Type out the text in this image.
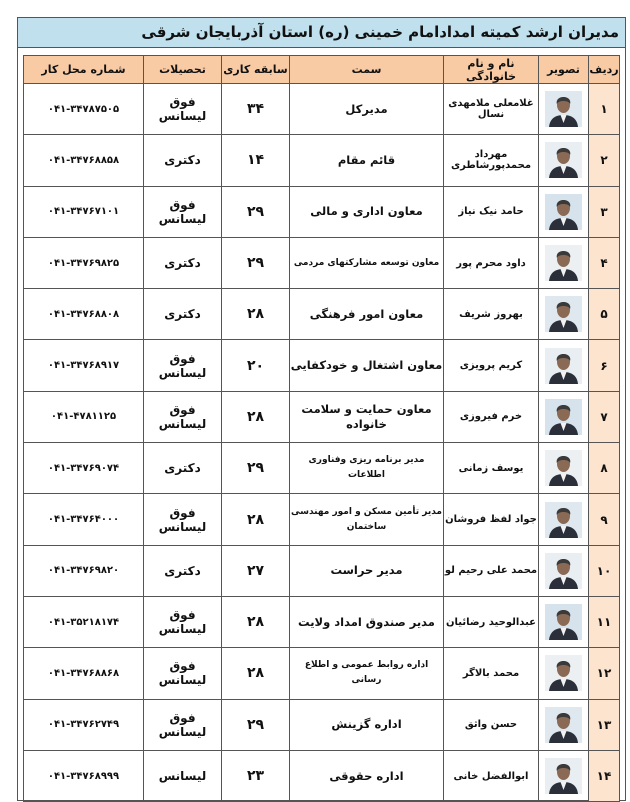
مدیران ارشد کمیته امدادامام خمینی (ره) استان آذربایجان شرقی
ردیف	تصویر	نام و نام خانوادگی	سمت	سابقه کاری	تحصیلات	شماره محل کار
۱		غلامعلی ملامهدی نسال	مدیرکل	۳۴	فوق لیسانس	۰۴۱-۳۴۷۸۷۵۰۵
۲		مهرداد محمدپورشاطری	قائم مقام	۱۴	دکتری	۰۴۱-۳۴۷۶۸۸۵۸
۳		حامد نیک نیاز	معاون اداری و مالی	۲۹	فوق لیسانس	۰۴۱-۳۴۷۶۷۱۰۱
۴		داود محرم پور	معاون توسعه مشارکتهای مردمی	۲۹	دکتری	۰۴۱-۳۴۷۶۹۸۲۵
۵		بهروز شریف	معاون امور فرهنگی	۲۸	دکتری	۰۴۱-۳۴۷۶۸۸۰۸
۶		کریم پرویزی	معاون اشتغال و خودکفایی	۲۰	فوق لیسانس	۰۴۱-۳۴۷۶۸۹۱۷
۷		خرم فیروزی	معاون حمایت و سلامت خانواده	۲۸	فوق لیسانس	۰۴۱-۴۷۸۱۱۲۵
۸		یوسف زمانی	مدیر برنامه ریزی وفناوری اطلاعات	۲۹	دکتری	۰۴۱-۳۴۷۶۹۰۷۴
۹		جواد لفظ فروشان	مدیر تأمین مسکن و امور مهندسی ساختمان	۲۸	فوق لیسانس	۰۴۱-۳۴۷۶۴۰۰۰
۱۰		محمد علی رحیم لو	مدیر حراست	۲۷	دکتری	۰۴۱-۳۴۷۶۹۸۲۰
۱۱		عبدالوحید رضائیان	مدیر صندوق امداد ولایت	۲۸	فوق لیسانس	۰۴۱-۳۵۲۱۸۱۷۴
۱۲		محمد بالاگر	اداره روابط عمومی و اطلاع رسانی	۲۸	فوق لیسانس	۰۴۱-۳۴۷۶۸۸۶۸
۱۳		حسن واثق	اداره گزینش	۲۹	فوق لیسانس	۰۴۱-۳۴۷۶۲۷۴۹
۱۴		ابوالفضل خانی	اداره حقوقی	۲۳	لیسانس	۰۴۱-۳۴۷۶۸۹۹۹
